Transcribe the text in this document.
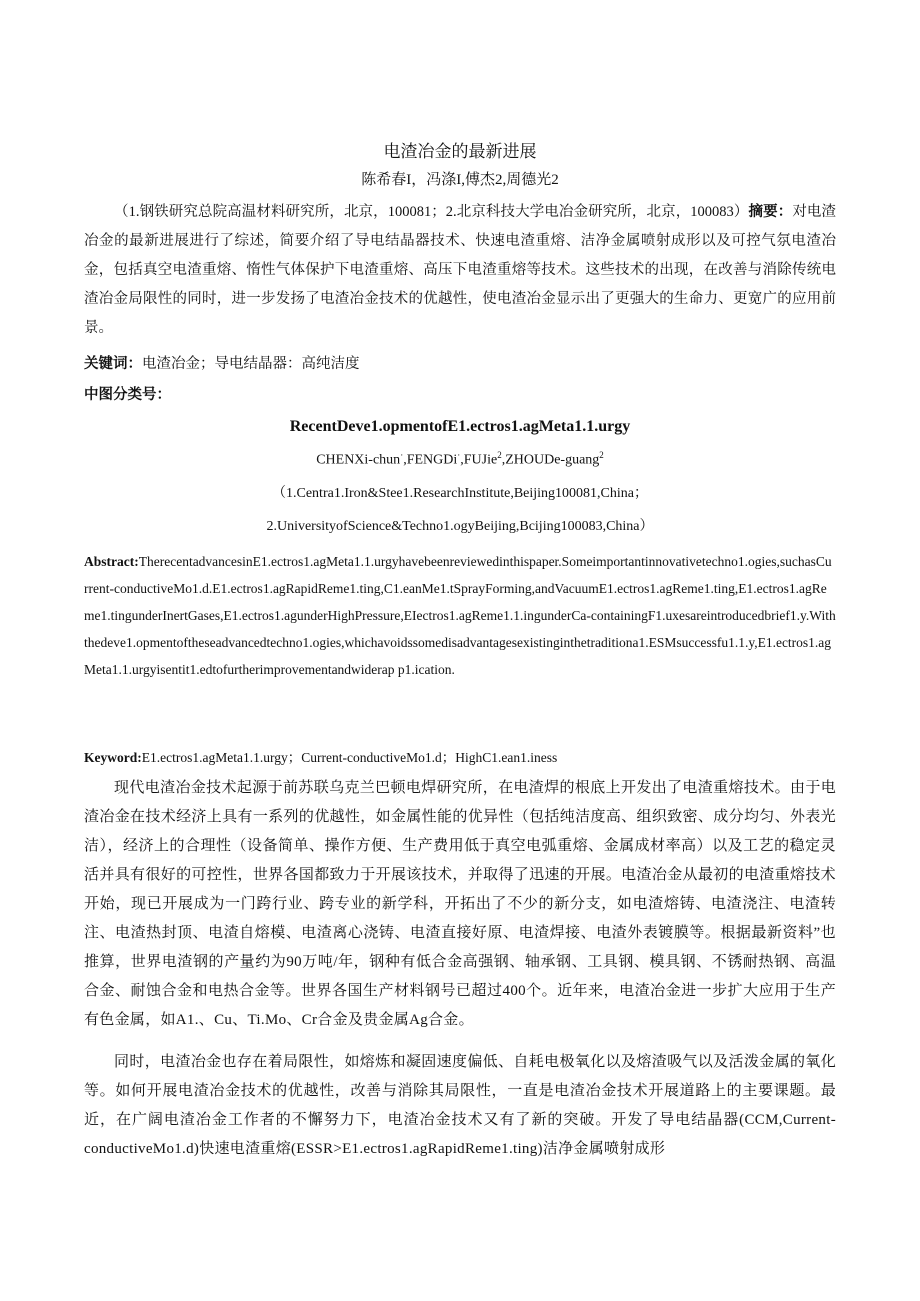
电渣冶金的最新进展
陈希春I，冯涤I,傅杰2,周德光2
（1.钢铁研究总院高温材料研究所，北京，100081；2.北京科技大学电冶金研究所，北京，100083）摘要：对电渣冶金的最新进展进行了综述，简要介绍了导电结晶器技术、快速电渣重熔、洁净金属喷射成形以及可控气氛电渣冶金，包括真空电渣重熔、惰性气体保护下电渣重熔、高压下电渣重熔等技术。这些技术的出现，在改善与消除传统电渣冶金局限性的同时，进一步发扬了电渣冶金技术的优越性，使电渣冶金显示出了更强大的生命力、更宽广的应用前景。
关键词：电渣冶金；导电结晶器：高纯洁度
中图分类号：
RecentDeve1.opmentofE1.ectros1.agMeta1.1.urgy
CHENXi-chun·,FENGDi·,FUJie$^2$,ZHOUDe-guang$^2$
（1.Centra1.Iron&Stee1.ResearchInstitute,Beijing100081,China；
2.UniversityofScience&Techno1.ogyBeijing,Bcijing100083,China）
Abstract:TherecentadvancesinE1.ectros1.agMeta1.1.urgyhavebeenreviewedinthispaper.Someimportantinnovativetechno1.ogies,suchasCurrent-conductiveMo1.d.E1.ectros1.agRapidReme1.ting,C1.eanMe1.tSprayForming,andVacuumE1.ectros1.agReme1.ting,E1.ectros1.agReme1.tingunderInertGases,E1.ectros1.agunderHighPressure,EIectros1.agReme1.1.ingunderCa-containingF1.uxesareintroducedbrief1.y.Withthedeve1.opmentoftheseadvancedtechno1.ogies,whichavoidssomedisadvantagesexistinginthetraditiona1.ESMsuccessfu1.1.y,E1.ectros1.agMeta1.1.urgyisentit1.edtofurtherimprovementandwiderap p1.ication.
Keyword:E1.ectros1.agMeta1.1.urgy；Current-conductiveMo1.d；HighC1.ean1.iness
现代电渣冶金技术起源于前苏联乌克兰巴顿电焊研究所，在电渣焊的根底上开发出了电渣重熔技术。由于电渣冶金在技术经济上具有一系列的优越性，如金属性能的优异性（包括纯洁度高、组织致密、成分均匀、外表光洁），经济上的合理性（设备简单、操作方便、生产费用低于真空电弧重熔、金属成材率高）以及工艺的稳定灵活并具有很好的可控性，世界各国都致力于开展该技术，并取得了迅速的开展。电渣冶金从最初的电渣重熔技术开始，现已开展成为一门跨行业、跨专业的新学科，开拓出了不少的新分支，如电渣熔铸、电渣浇注、电渣转注、电渣热封顶、电渣自熔模、电渣离心浇铸、电渣直接好原、电渣焊接、电渣外表镀膜等。根据最新资料”也推算，世界电渣钢的产量约为90万吨/年，钢种有低合金高强钢、轴承钢、工具钢、模具钢、不锈耐热钢、高温合金、耐蚀合金和电热合金等。世界各国生产材料钢号已超过400个。近年来，电渣冶金进一步扩大应用于生产有色金属，如A1.、Cu、Ti.Mo、Cr合金及贵金属Ag合金。
同时，电渣冶金也存在着局限性，如熔炼和凝固速度偏低、自耗电极氧化以及熔渣吸气以及活泼金属的氧化等。如何开展电渣冶金技术的优越性，改善与消除其局限性，一直是电渣冶金技术开展道路上的主要课题。最近，在广阔电渣冶金工作者的不懈努力下，电渣冶金技术又有了新的突破。开发了导电结晶器(CCM,Current-conductiveMo1.d)快速电渣重熔(ESSR>E1.ectros1.agRapidReme1.ting)洁净金属喷射成形
